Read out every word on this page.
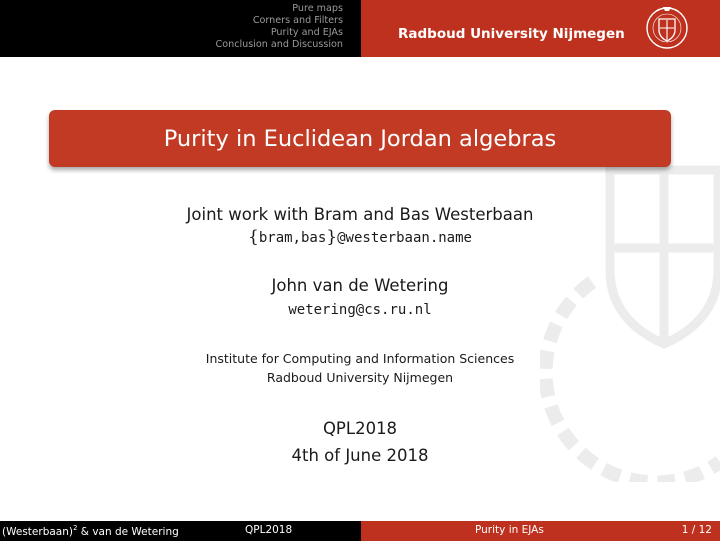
Pure maps
Corners and Filters
Purity and EJAs
Conclusion and Discussion
Radboud University Nijmegen
Purity in Euclidean Jordan algebras
Joint work with Bram and Bas Westerbaan
{bram,bas}@westerbaan.name
John van de Wetering
wetering@cs.ru.nl
Institute for Computing and Information Sciences
Radboud University Nijmegen
QPL2018
4th of June 2018
(Westerbaan)$^2$ & van de Wetering	QPL2018	Purity in EJAs	1 / 12
